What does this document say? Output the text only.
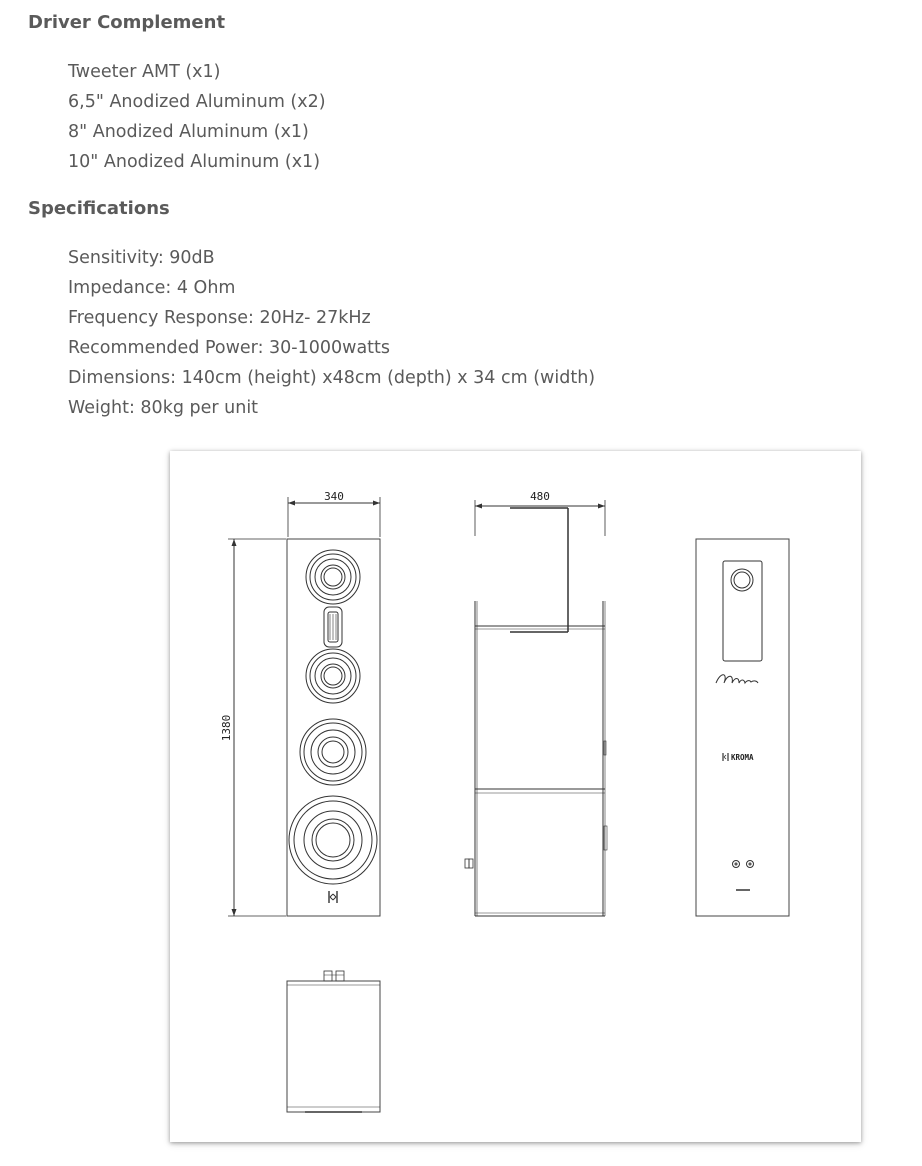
Driver Complement
Tweeter AMT (x1)
6,5" Anodized Aluminum (x2)
8" Anodized Aluminum (x1)
10" Anodized Aluminum (x1)
Specifications
Sensitivity: 90dB
Impedance: 4 Ohm
Frequency Response: 20Hz- 27kHz
Recommended Power: 30-1000watts
Dimensions: 140cm (height) x48cm (depth) x 34 cm (width)
Weight: 80kg per unit
340	480
1380
KROMA
Matilde
